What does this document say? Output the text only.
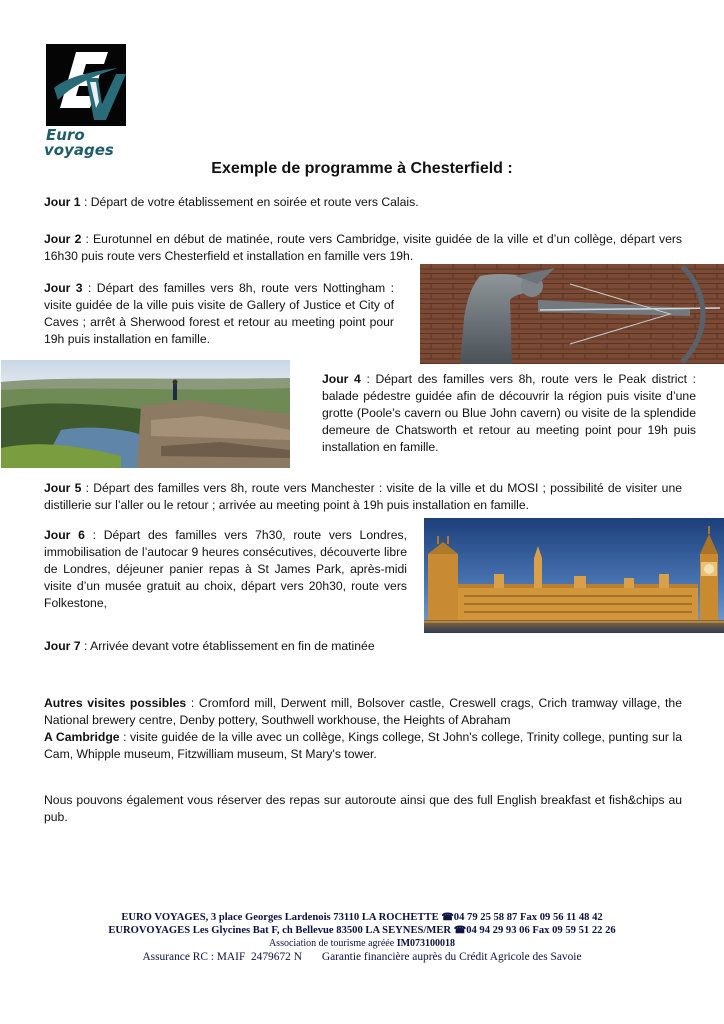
Euro
voyages
Exemple de programme à Chesterfield :

Jour 1 : Départ de votre établissement en soirée et route vers Calais.

Jour 2 : Eurotunnel en début de matinée, route vers Cambridge, visite guidée de la ville et d’un collège, départ vers 16h30 puis route vers Chesterfield et installation en famille vers 19h.

Jour 3 : Départ des familles vers 8h, route vers Nottingham : visite guidée de la ville puis visite de Gallery of Justice et City of Caves ; arrêt à Sherwood forest et retour au meeting point pour 19h puis installation en famille.

Jour 4 : Départ des familles vers 8h, route vers le Peak district : balade pédestre guidée afin de découvrir la région puis visite d’une grotte (Poole’s cavern ou Blue John cavern) ou visite de la splendide demeure de Chatsworth et retour au meeting point pour 19h puis installation en famille.

Jour 5 : Départ des familles vers 8h, route vers Manchester : visite de la ville et du MOSI ; possibilité de visiter une distillerie sur l’aller ou le retour ; arrivée au meeting point à 19h puis installation en famille.

Jour 6 : Départ des familles vers 7h30, route vers Londres, immobilisation de l’autocar 9 heures consécutives, découverte libre de Londres, déjeuner panier repas à St James Park, après-midi visite d’un musée gratuit au choix, départ vers 20h30, route vers Folkestone,

Jour 7 : Arrivée devant votre établissement en fin de matinée

Autres visites possibles : Cromford mill, Derwent mill, Bolsover castle, Creswell crags, Crich tramway village, the National brewery centre, Denby pottery, Southwell workhouse, the Heights of Abraham
A Cambridge : visite guidée de la ville avec un collège, Kings college, St John's college, Trinity college, punting sur la Cam, Whipple museum, Fitzwilliam museum, St Mary's tower.

Nous pouvons également vous réserver des repas sur autoroute ainsi que des full English breakfast et fish&chips au pub.

EURO VOYAGES, 3 place Georges Lardenois 73110 LA ROCHETTE ☎04 79 25 58 87 Fax 09 56 11 48 42

EUROVOYAGES Les Glycines Bat F, ch Bellevue 83500 LA SEYNES/MER ☎04 94 29 93 06 Fax 09 59 51 22 26

Association de tourisme agréée IM073100018

Assurance RC : MAIF  2479672 N       Garantie financière auprès du Crédit Agricole des Savoie
